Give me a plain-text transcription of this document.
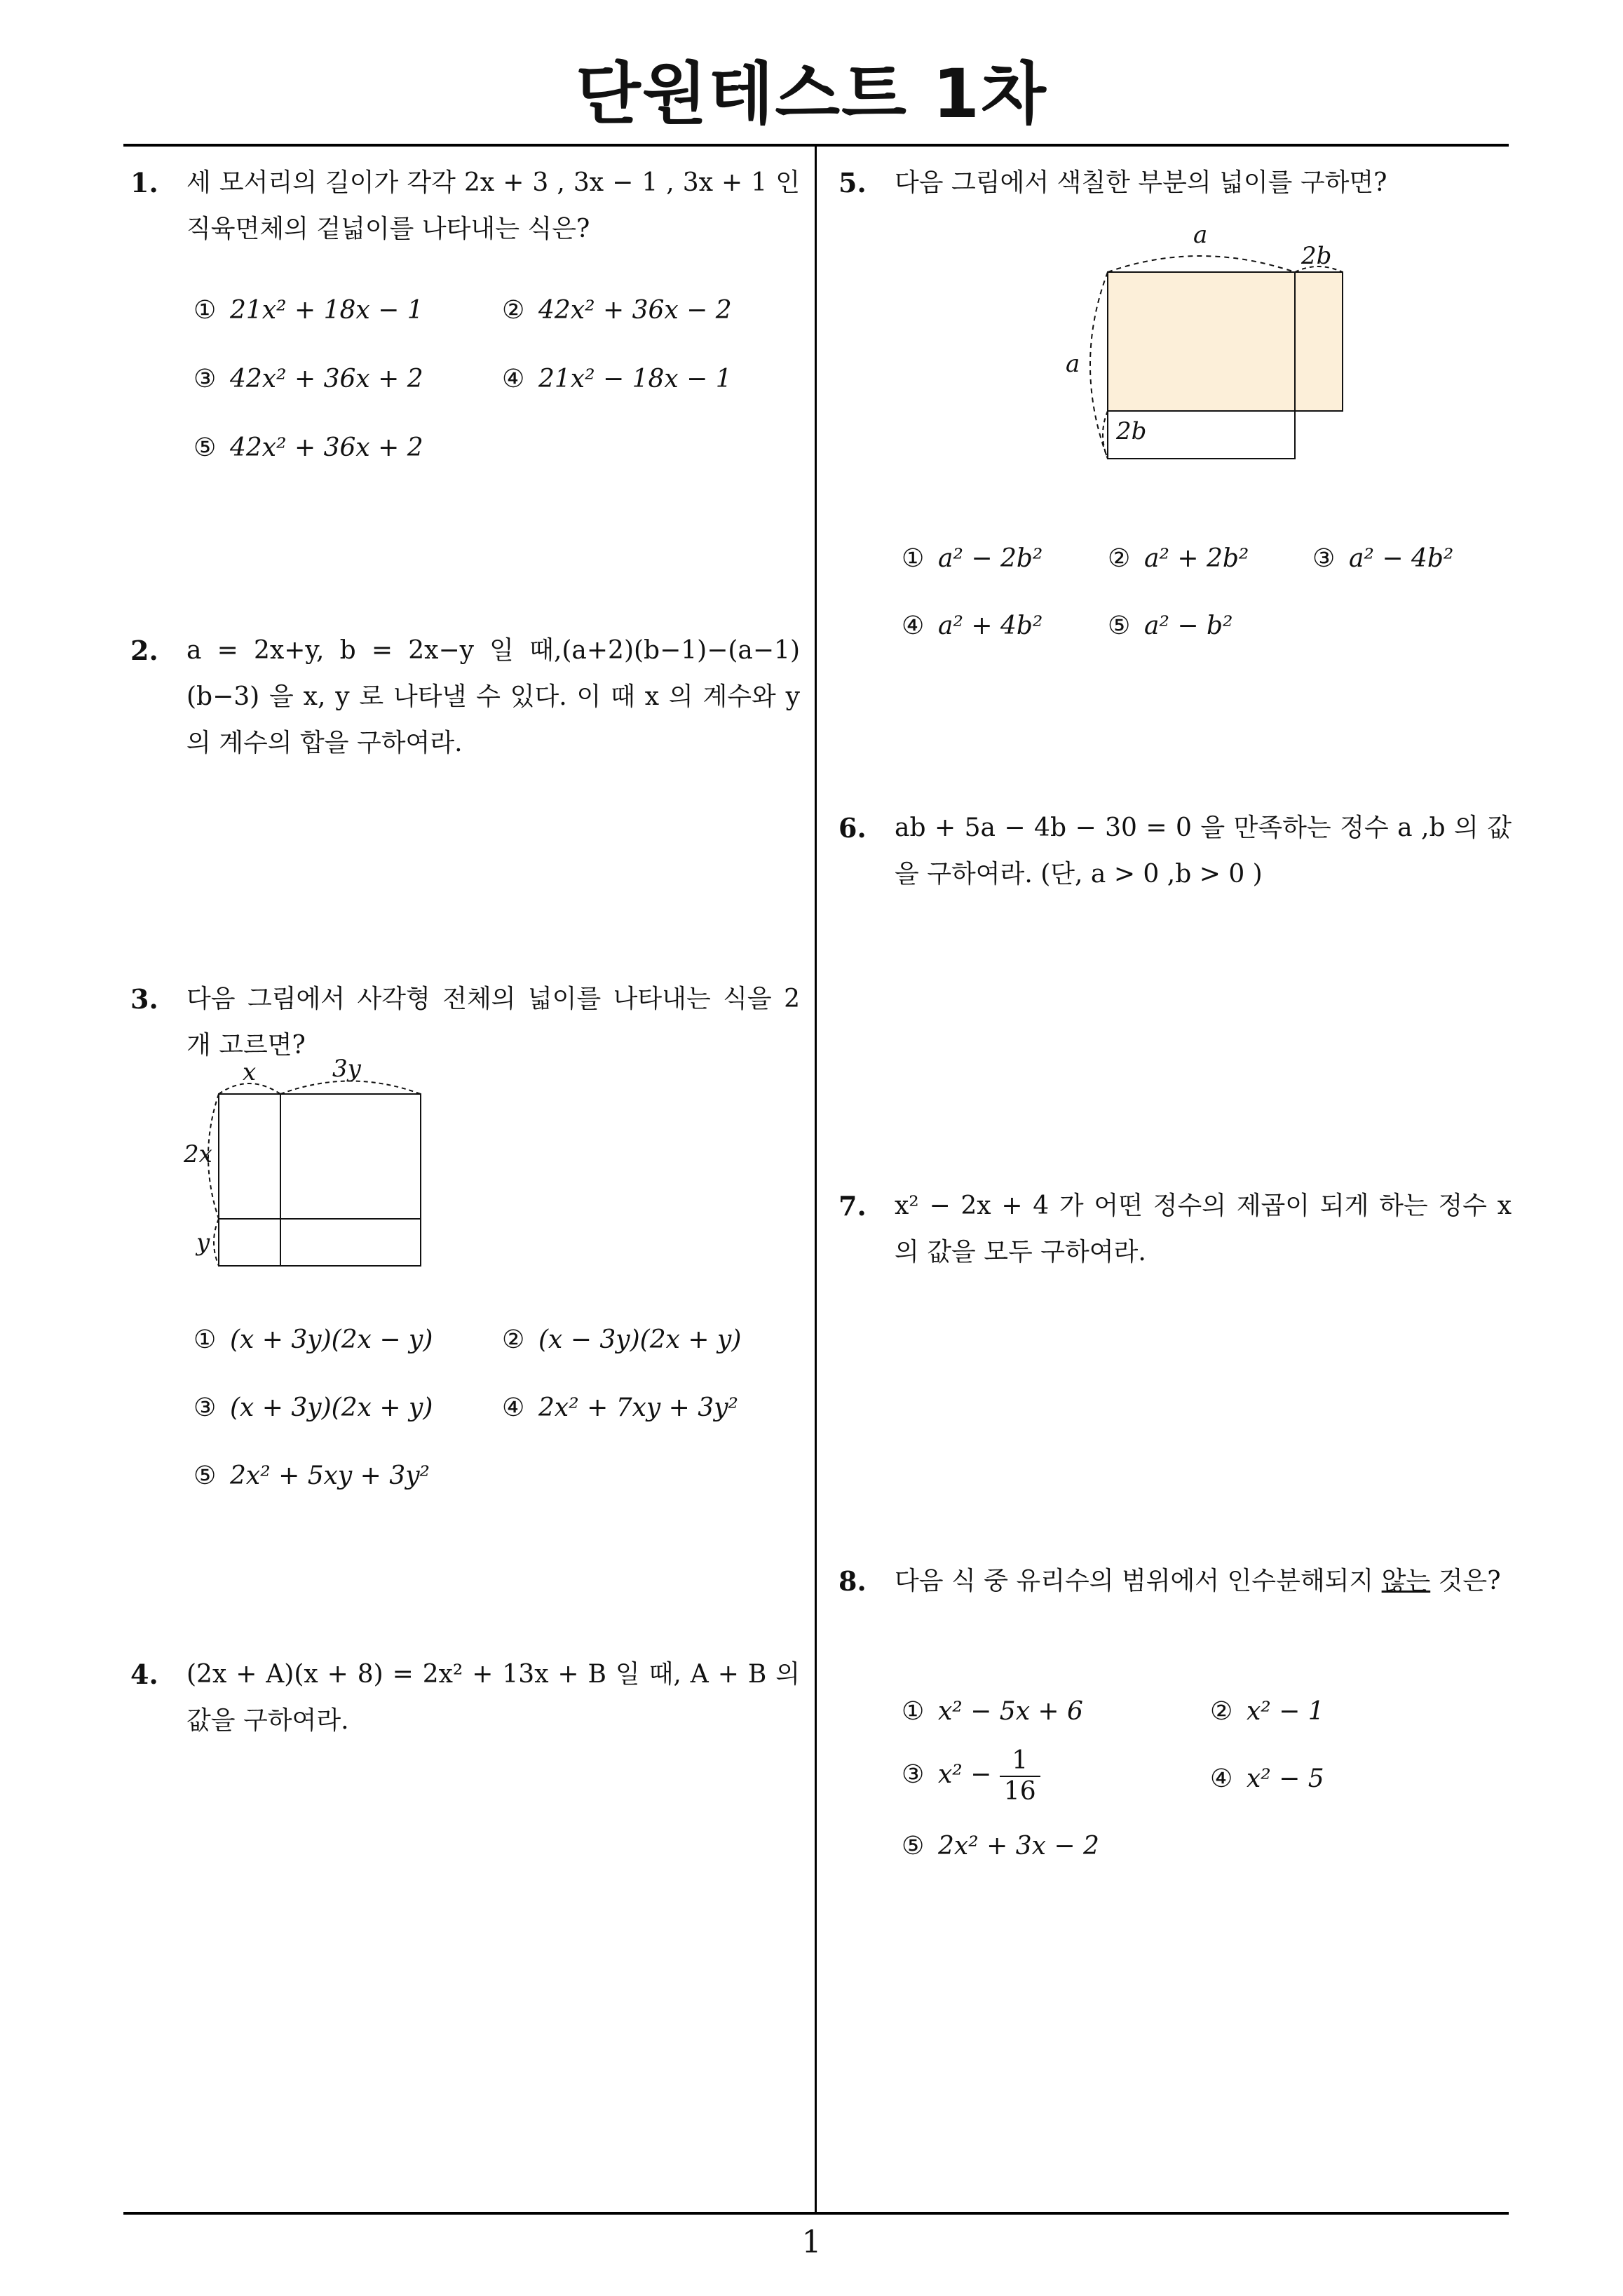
단원테스트 1차
1
1. 세 모서리의 길이가 각각 2x + 3 , 3x − 1 , 3x + 1 인 직육면체의 겉넓이를 나타내는 식은?
① 21x² + 18x − 1	② 42x² + 36x − 2
③ 42x² + 36x + 2	④ 21x² − 18x − 1
⑤ 42x² + 36x + 2
2. a = 2x+y, b = 2x−y 일 때,(a+2)(b−1)−(a−1)(b−3) 을 x, y 로 나타낼 수 있다. 이 때 x 의 계수와 y 의 계수의 합을 구하여라.
3. 다음 그림에서 사각형 전체의 넓이를 나타내는 식을 2 개 고르면?
x	3y
2x
y
① (x + 3y)(2x − y)	② (x − 3y)(2x + y)
③ (x + 3y)(2x + y)	④ 2x² + 7xy + 3y²
⑤ 2x² + 5xy + 3y²
4. (2x + A)(x + 8) = 2x² + 13x + B 일 때, A + B 의 값을 구하여라.
5. 다음 그림에서 색칠한 부분의 넓이를 구하면?
a
2b
a
2b
① a² − 2b²	② a² + 2b²	③ a² − 4b²
④ a² + 4b²	⑤ a² − b²
6. ab + 5a − 4b − 30 = 0 을 만족하는 정수 a ,b 의 값을 구하여라. (단, a > 0 ,b > 0 )
7. x² − 2x + 4 가 어떤 정수의 제곱이 되게 하는 정수 x 의 값을 모두 구하여라.
8. 다음 식 중 유리수의 범위에서 인수분해되지 않는 것은?
① x² − 5x + 6	② x² − 1
③ $x^2 - \frac{1}{16}$	④ x² − 5
⑤ 2x² + 3x − 2
